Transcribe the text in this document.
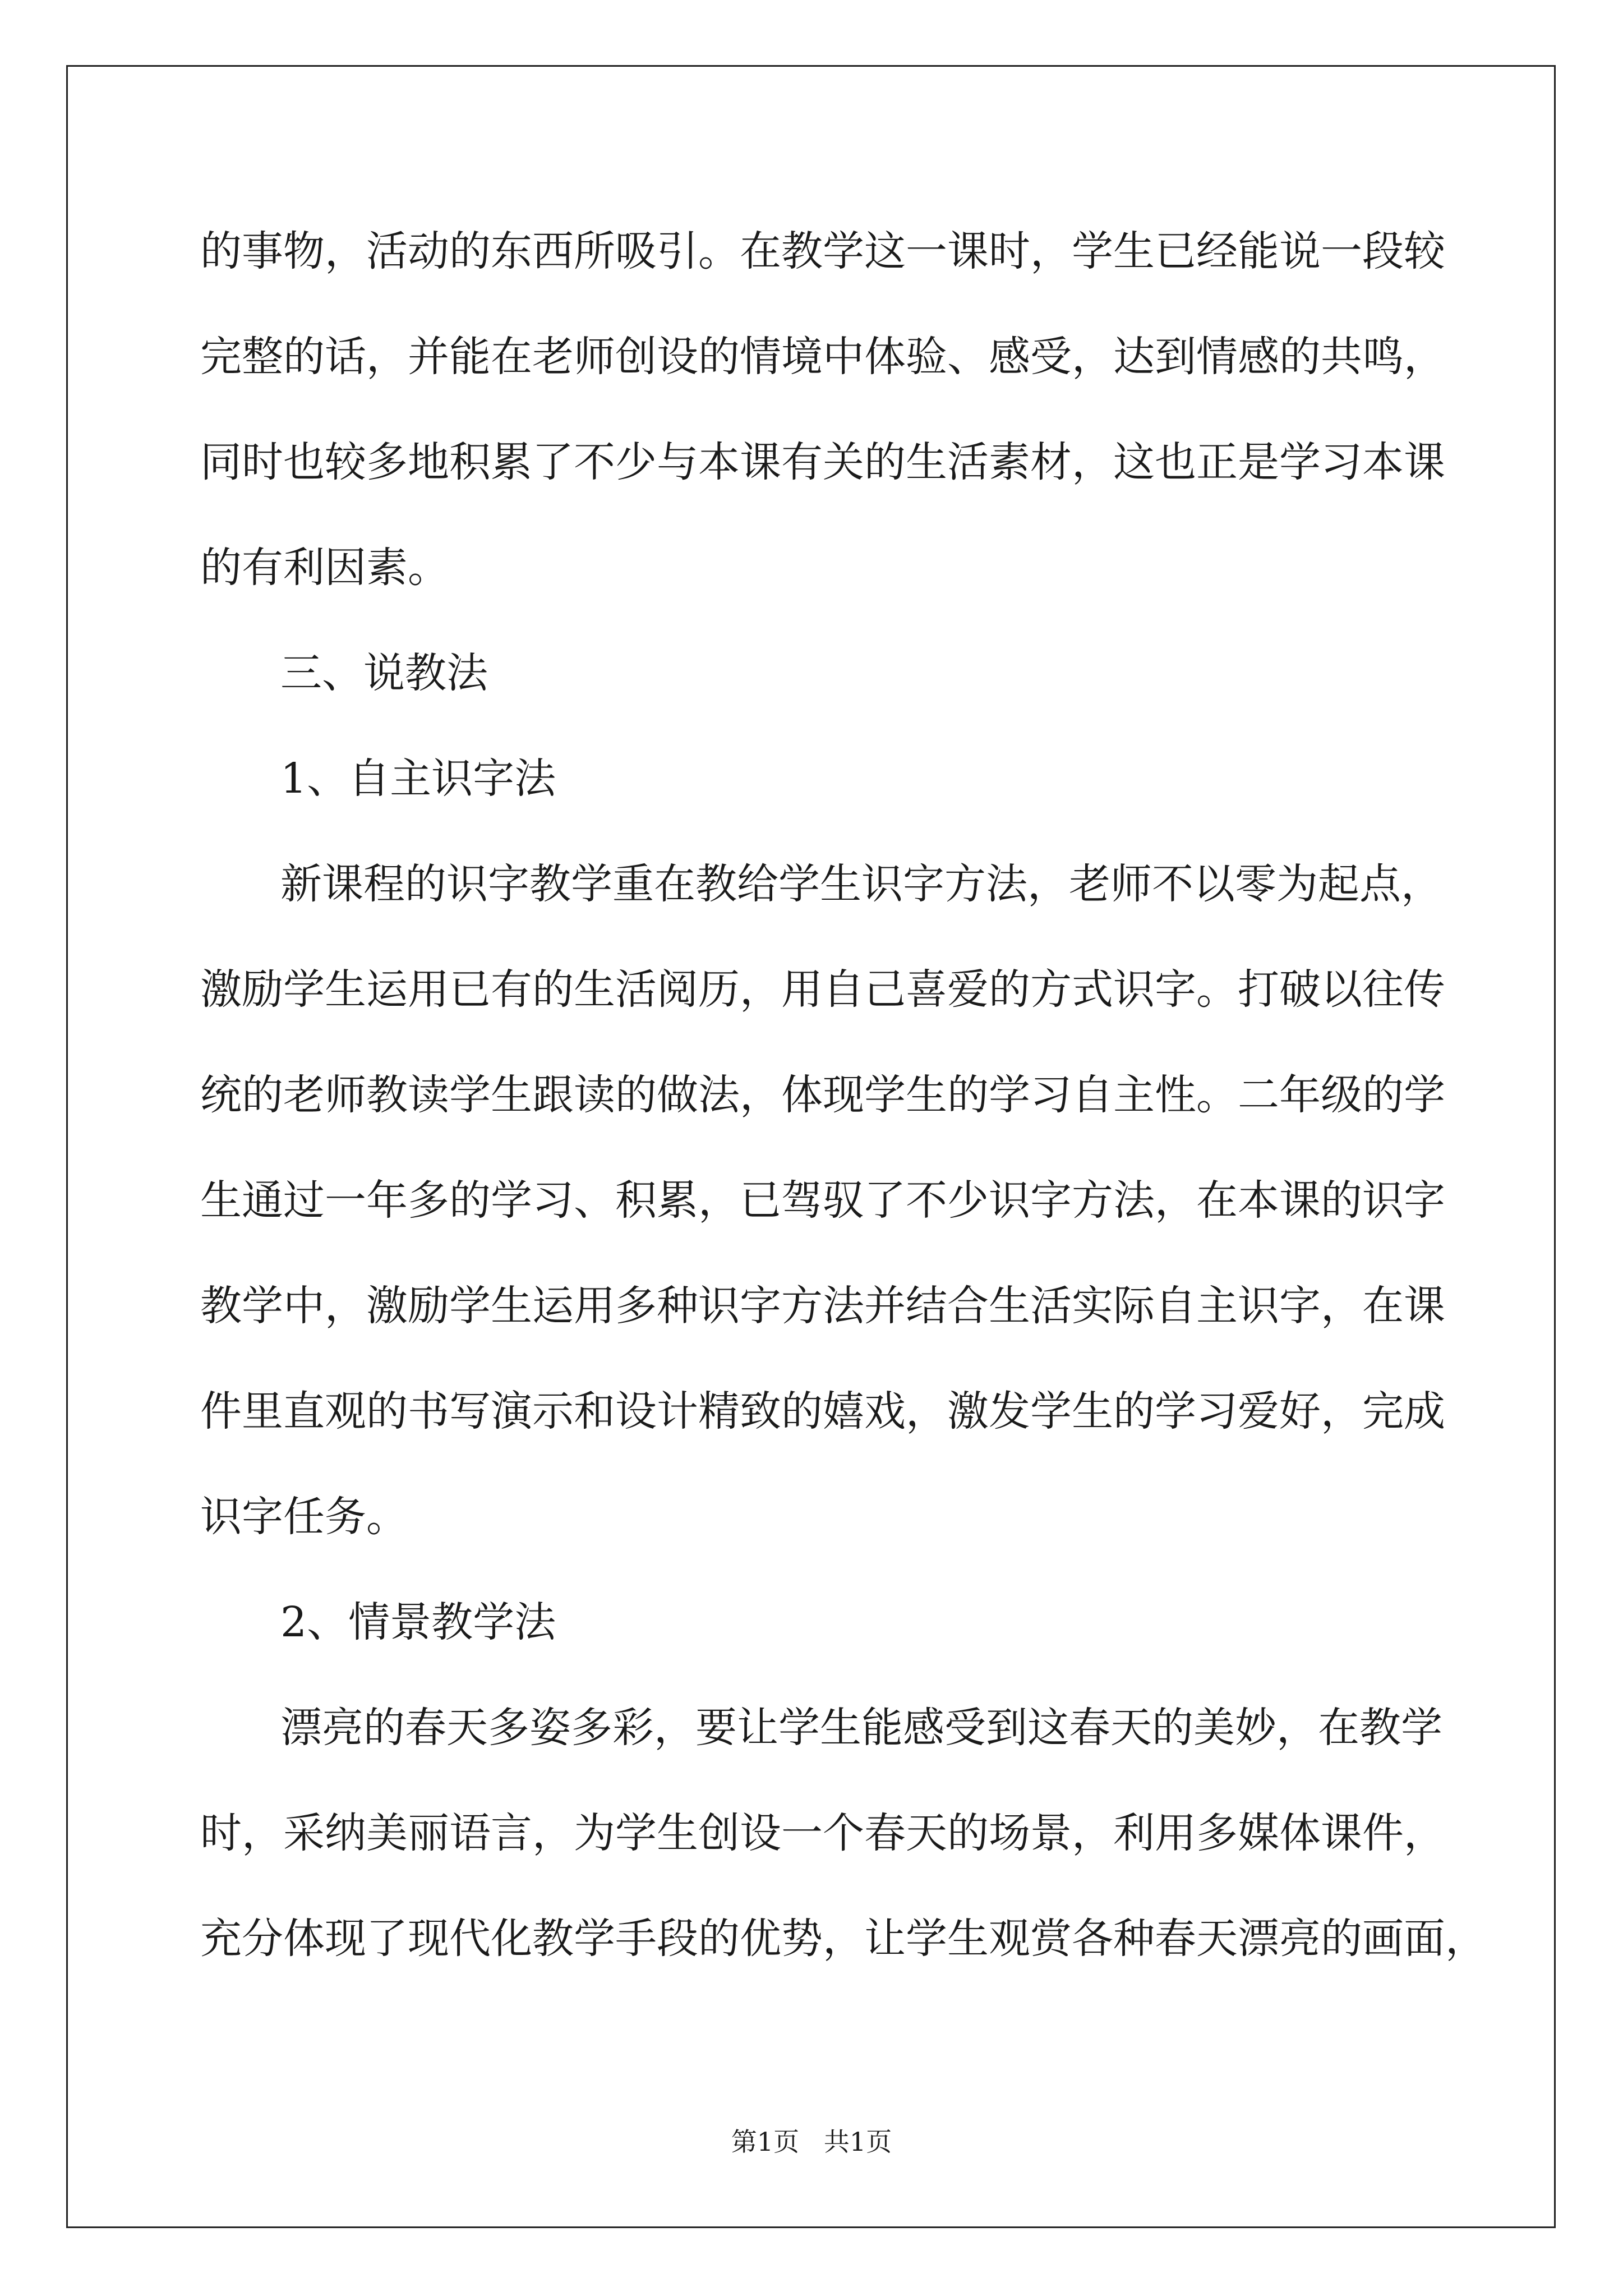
的事物，活动的东西所吸引。在教学这一课时，学生已经能说一段较

完整的话，并能在老师创设的情境中体验、感受，达到情感的共鸣，

同时也较多地积累了不少与本课有关的生活素材，这也正是学习本课

的有利因素。

三、说教法

1、自主识字法

新课程的识字教学重在教给学生识字方法，老师不以零为起点，

激励学生运用已有的生活阅历，用自己喜爱的方式识字。打破以往传

统的老师教读学生跟读的做法，体现学生的学习自主性。二年级的学

生通过一年多的学习、积累，已驾驭了不少识字方法，在本课的识字

教学中，激励学生运用多种识字方法并结合生活实际自主识字，在课

件里直观的书写演示和设计精致的嬉戏，激发学生的学习爱好，完成

识字任务。

2、情景教学法

漂亮的春天多姿多彩，要让学生能感受到这春天的美妙，在教学

时，采纳美丽语言，为学生创设一个春天的场景，利用多媒体课件，

充分体现了现代化教学手段的优势，让学生观赏各种春天漂亮的画面，

第1页   共1页
